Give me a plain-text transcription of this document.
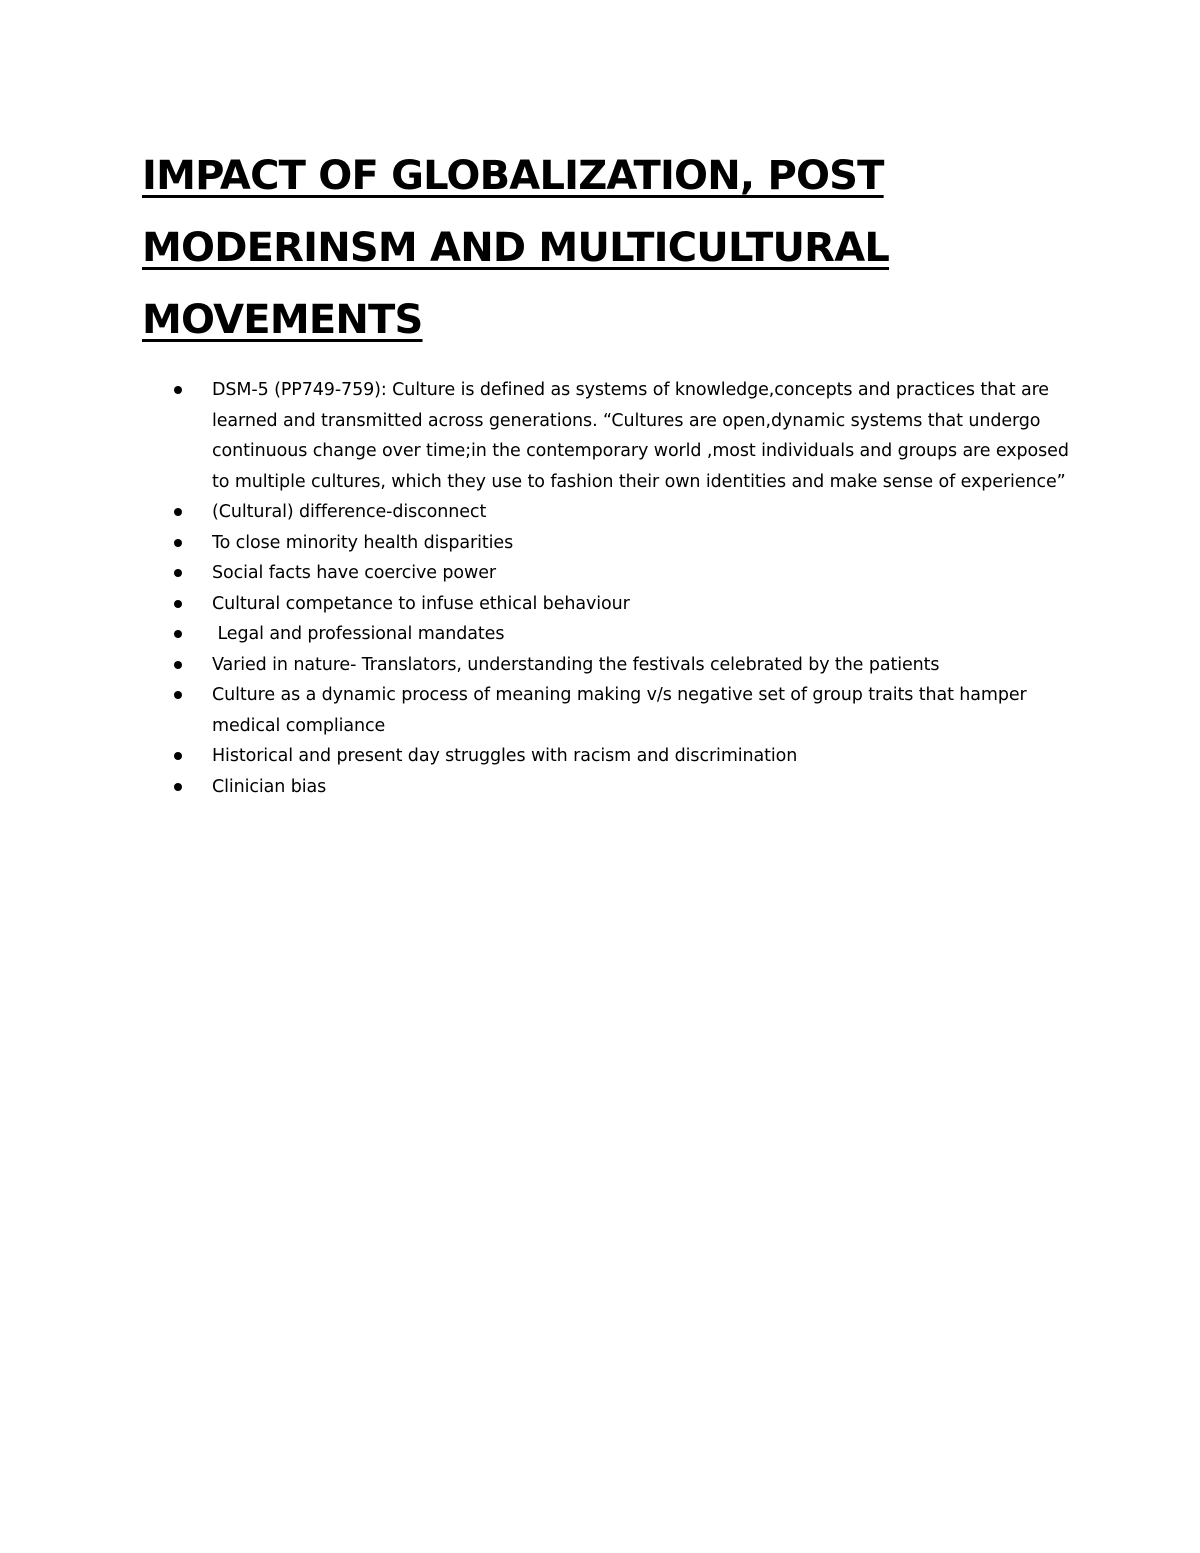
IMPACT OF GLOBALIZATION, POST
MODERINSM AND MULTICULTURAL
MOVEMENTS
DSM-5 (PP749-759): Culture is defined as systems of knowledge,concepts and practices that are learned and transmitted across generations. “Cultures are open,dynamic systems that undergo continuous change over time;in the contemporary world ,most individuals and groups are exposed to multiple cultures, which they use to fashion their own identities and make sense of experience”
(Cultural) difference-disconnect
To close minority health disparities
Social facts have coercive power
Cultural competance to infuse ethical behaviour
Legal and professional mandates
Varied in nature- Translators, understanding the festivals celebrated by the patients
Culture as a dynamic process of meaning making v/s negative set of group traits that hamper medical compliance
Historical and present day struggles with racism and discrimination
Clinician bias
